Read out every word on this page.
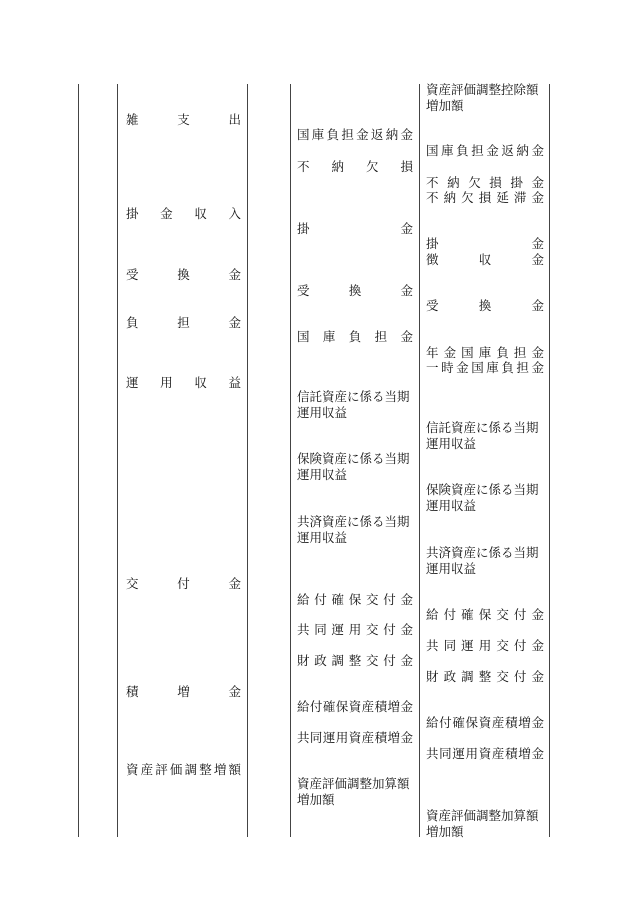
雑支出
掛金収入
受換金
負担金
運用収益
交付金
積増金
資産評価調整増額
国庫負担金返納金
不納欠損
掛金
受換金
国庫負担金
信託資産に係る当期運用収益
保険資産に係る当期運用収益
共済資産に係る当期運用収益
給付確保交付金
共同運用交付金
財政調整交付金
給付確保資産積増金
共同運用資産積増金
資産評価調整加算額増加額
資産評価調整控除額増加額
国庫負担金返納金
不納欠損掛金
不納欠損延滞金
掛金
徴収金
受換金
年金国庫負担金
一時金国庫負担金
信託資産に係る当期運用収益
保険資産に係る当期運用収益
共済資産に係る当期運用収益
給付確保交付金
共同運用交付金
財政調整交付金
給付確保資産積増金
共同運用資産積増金
資産評価調整加算額増加額
